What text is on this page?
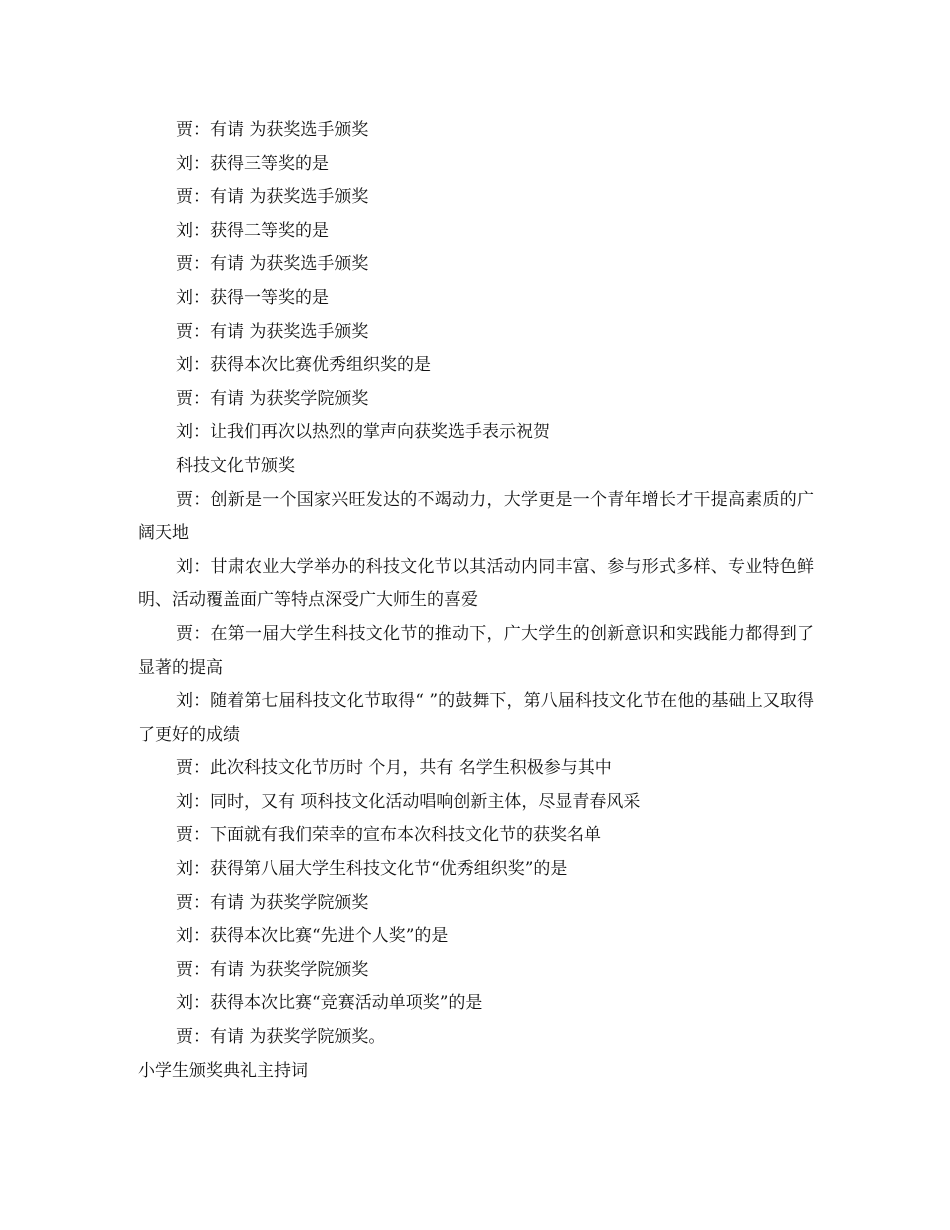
贾：有请 为获奖选手颁奖

刘：获得三等奖的是

贾：有请 为获奖选手颁奖

刘：获得二等奖的是

贾：有请 为获奖选手颁奖

刘：获得一等奖的是

贾：有请 为获奖选手颁奖

刘：获得本次比赛优秀组织奖的是

贾：有请 为获奖学院颁奖

刘：让我们再次以热烈的掌声向获奖选手表示祝贺

科技文化节颁奖

贾：创新是一个国家兴旺发达的不竭动力，大学更是一个青年增长才干提高素质的广阔天地

刘：甘肃农业大学举办的科技文化节以其活动内同丰富、参与形式多样、专业特色鲜明、活动覆盖面广等特点深受广大师生的喜爱

贾：在第一届大学生科技文化节的推动下，广大学生的创新意识和实践能力都得到了显著的提高

刘：随着第七届科技文化节取得“ ”的鼓舞下，第八届科技文化节在他的基础上又取得了更好的成绩

贾：此次科技文化节历时 个月，共有 名学生积极参与其中

刘：同时，又有 项科技文化活动唱响创新主体，尽显青春风采

贾：下面就有我们荣幸的宣布本次科技文化节的获奖名单

刘：获得第八届大学生科技文化节“优秀组织奖”的是

贾：有请 为获奖学院颁奖

刘：获得本次比赛“先进个人奖”的是

贾：有请 为获奖学院颁奖

刘：获得本次比赛“竞赛活动单项奖”的是

贾：有请 为获奖学院颁奖。

小学生颁奖典礼主持词
